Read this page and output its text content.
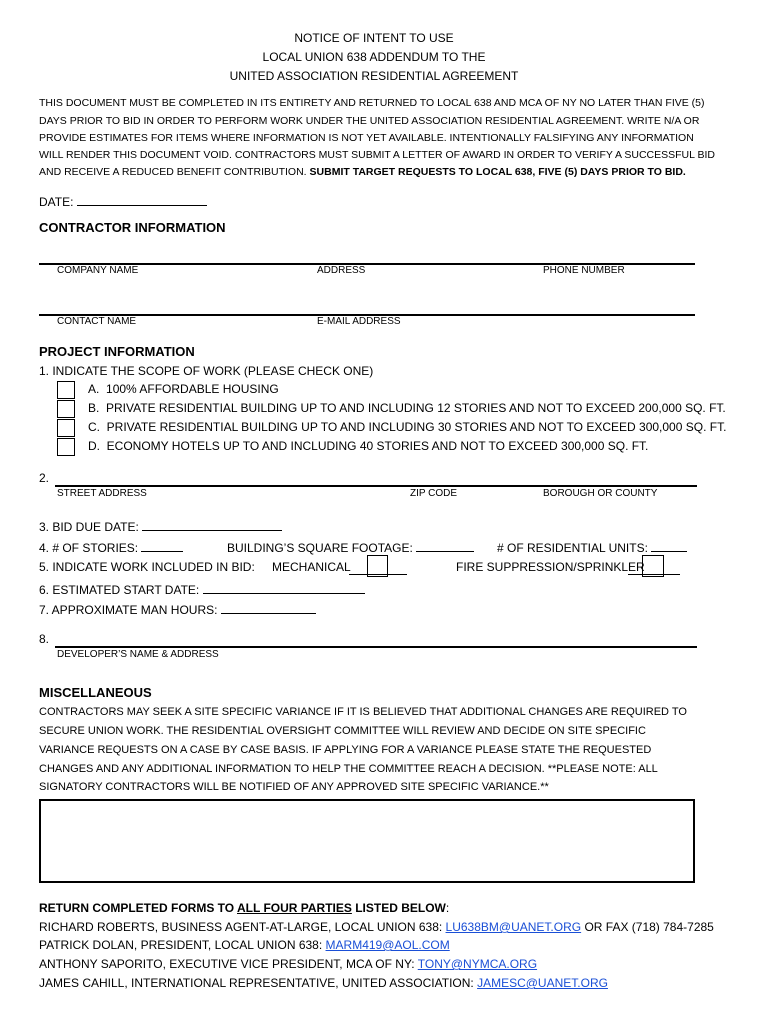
NOTICE OF INTENT TO USE
LOCAL UNION 638 ADDENDUM TO THE
UNITED ASSOCIATION RESIDENTIAL AGREEMENT
THIS DOCUMENT MUST BE COMPLETED IN ITS ENTIRETY AND RETURNED TO LOCAL 638 AND MCA OF NY NO LATER THAN FIVE (5)
DAYS PRIOR TO BID IN ORDER TO PERFORM WORK UNDER THE UNITED ASSOCIATION RESIDENTIAL AGREEMENT. WRITE N/A OR
PROVIDE ESTIMATES FOR ITEMS WHERE INFORMATION IS NOT YET AVAILABLE. INTENTIONALLY FALSIFYING ANY INFORMATION
WILL RENDER THIS DOCUMENT VOID. CONTRACTORS MUST SUBMIT A LETTER OF AWARD IN ORDER TO VERIFY A SUCCESSFUL BID
AND RECEIVE A REDUCED BENEFIT CONTRIBUTION. SUBMIT TARGET REQUESTS TO LOCAL 638, FIVE (5) DAYS PRIOR TO BID.
DATE:
CONTRACTOR INFORMATION
COMPANY NAME	ADDRESS	PHONE NUMBER
CONTACT NAME	E-MAIL ADDRESS
PROJECT INFORMATION
1. INDICATE THE SCOPE OF WORK (PLEASE CHECK ONE)
A. 100% AFFORDABLE HOUSING
B. PRIVATE RESIDENTIAL BUILDING UP TO AND INCLUDING 12 STORIES AND NOT TO EXCEED 200,000 SQ. FT.
C. PRIVATE RESIDENTIAL BUILDING UP TO AND INCLUDING 30 STORIES AND NOT TO EXCEED 300,000 SQ. FT.
D. ECONOMY HOTELS UP TO AND INCLUDING 40 STORIES AND NOT TO EXCEED 300,000 SQ. FT.
2.
STREET ADDRESS	ZIP CODE	BOROUGH OR COUNTY
3. BID DUE DATE:
4. # OF STORIES:	BUILDING’S SQUARE FOOTAGE:	# OF RESIDENTIAL UNITS:
5. INDICATE WORK INCLUDED IN BID: MECHANICAL	FIRE SUPPRESSION/SPRINKLER
6. ESTIMATED START DATE:
7. APPROXIMATE MAN HOURS:
8.
DEVELOPER’S NAME & ADDRESS
MISCELLANEOUS
CONTRACTORS MAY SEEK A SITE SPECIFIC VARIANCE IF IT IS BELIEVED THAT ADDITIONAL CHANGES ARE REQUIRED TO
SECURE UNION WORK. THE RESIDENTIAL OVERSIGHT COMMITTEE WILL REVIEW AND DECIDE ON SITE SPECIFIC
VARIANCE REQUESTS ON A CASE BY CASE BASIS. IF APPLYING FOR A VARIANCE PLEASE STATE THE REQUESTED
CHANGES AND ANY ADDITIONAL INFORMATION TO HELP THE COMMITTEE REACH A DECISION. **PLEASE NOTE: ALL
SIGNATORY CONTRACTORS WILL BE NOTIFIED OF ANY APPROVED SITE SPECIFIC VARIANCE.**
RETURN COMPLETED FORMS TO ALL FOUR PARTIES LISTED BELOW:
RICHARD ROBERTS, BUSINESS AGENT-AT-LARGE, LOCAL UNION 638: LU638BM@UANET.ORG OR FAX (718) 784-7285
PATRICK DOLAN, PRESIDENT, LOCAL UNION 638: MARM419@AOL.COM
ANTHONY SAPORITO, EXECUTIVE VICE PRESIDENT, MCA OF NY: TONY@NYMCA.ORG
JAMES CAHILL, INTERNATIONAL REPRESENTATIVE, UNITED ASSOCIATION: JAMESC@UANET.ORG
